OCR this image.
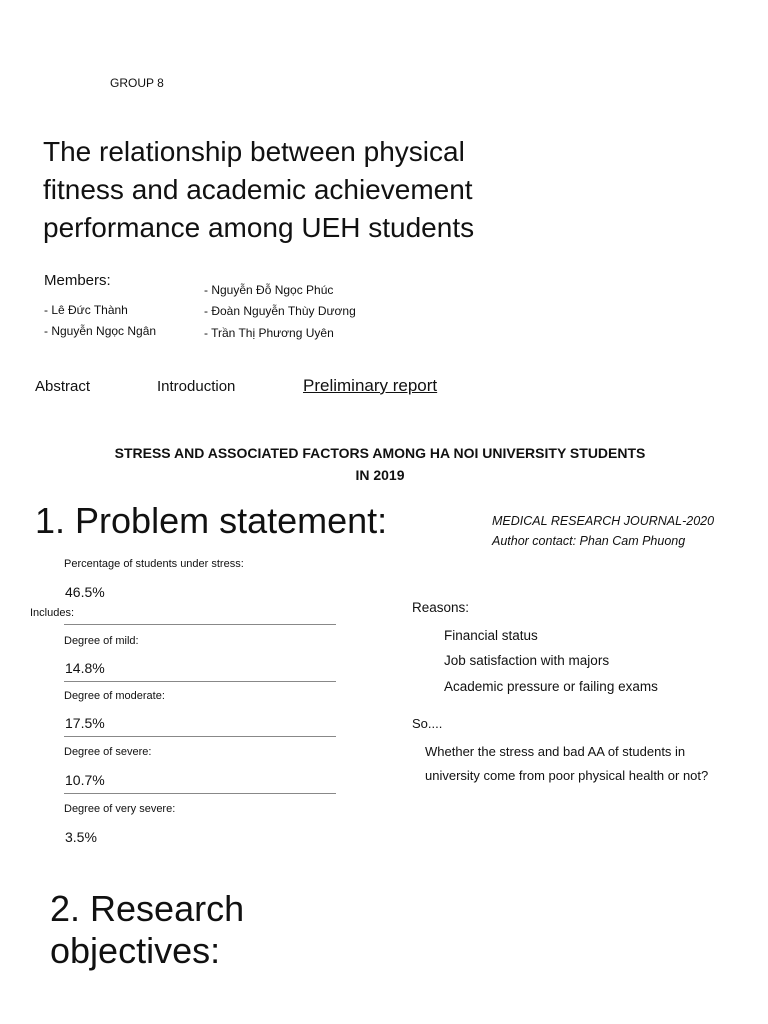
GROUP 8
The relationship between physical
fitness and academic achievement
performance among UEH students
Members:
- Lê Đức Thành
- Nguyễn Ngọc Ngân
- Nguyễn Đỗ Ngọc Phúc
- Đoàn Nguyễn Thùy Dương
- Trần Thị Phương Uyên
Abstract	Introduction	Preliminary report
STRESS AND ASSOCIATED FACTORS AMONG HA NOI UNIVERSITY STUDENTS
IN 2019
1. Problem statement:	MEDICAL RESEARCH JOURNAL-2020
Author contact: Phan Cam Phuong
Percentage of students under stress:
46.5%
Includes:
Degree of mild:
14.8%
Degree of moderate:
17.5%
Degree of severe:
10.7%
Degree of very severe:
3.5%
Reasons:
Financial status
Job satisfaction with majors
Academic pressure or failing exams
So....
Whether the stress and bad AA of students in university come from poor physical health or not?
2. Research
objectives:
